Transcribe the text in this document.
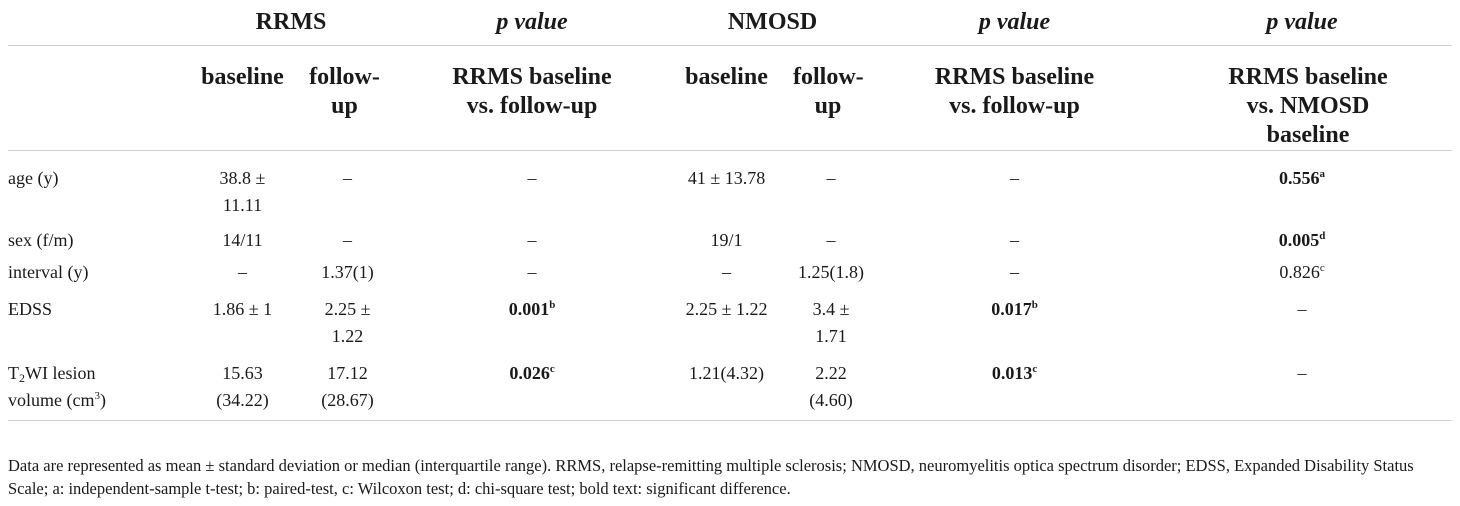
	RRMS		p value	NMOSD		p value	p value
	baseline	follow-up	RRMS baseline vs. follow-up	baseline	follow-up	RRMS baseline vs. follow-up	RRMS baseline vs. NMOSD baseline
age (y)	38.8 ± 11.11	–	–	41 ± 13.78	–	–	0.556$^a$
sex (f/m)	14/11	–	–	19/1	–	–	0.005$^d$
interval (y)	–	1.37(1)	–	–	1.25(1.8)	–	0.826$^c$
EDSS	1.86 ± 1	2.25 ± 1.22	0.001$^b$	2.25 ± 1.22	3.4 ± 1.71	0.017$^b$	–
$T_2WI$ lesion volume $(cm^3)$	15.63 (34.22)	17.12 (28.67)	0.026$^c$	1.21(4.32)	2.22 (4.60)	0.013$^c$	–
Data are represented as mean ± standard deviation or median (interquartile range). RRMS, relapse-remitting multiple sclerosis; NMOSD, neuromyelitis optica spectrum disorder; EDSS, Expanded Disability Status Scale; a: independent-sample t-test; b: paired-test, c: Wilcoxon test; d: chi-square test; bold text: significant difference.
